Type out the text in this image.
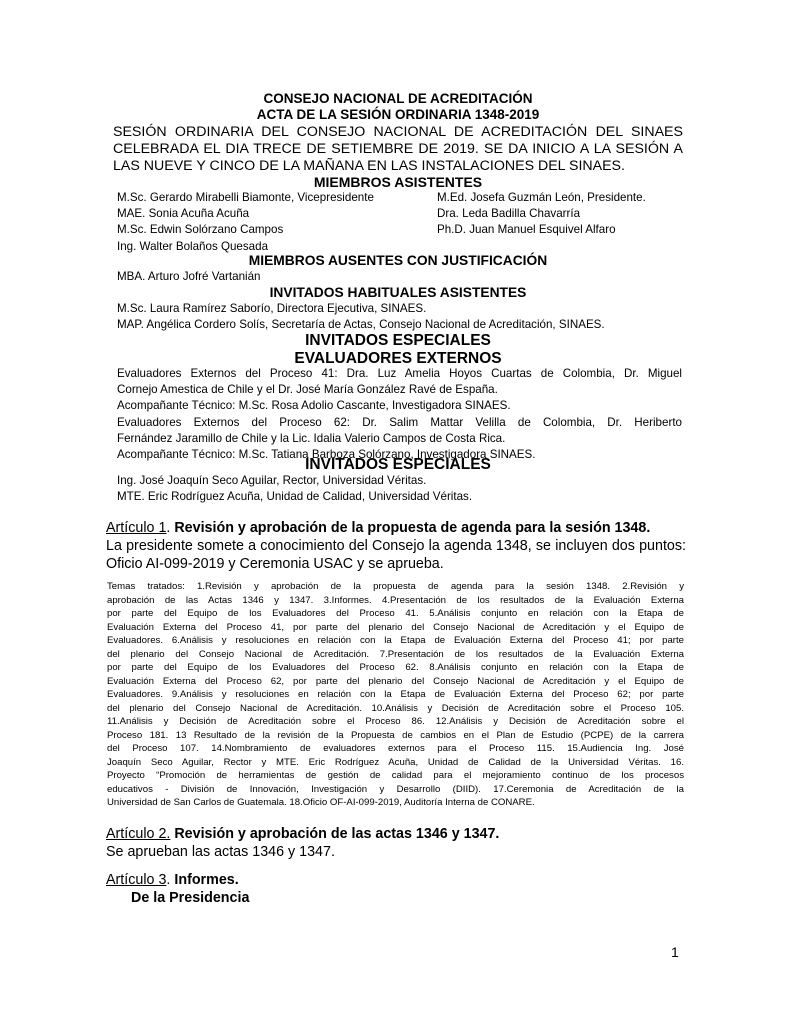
CONSEJO NACIONAL DE ACREDITACIÓN
ACTA DE LA SESIÓN ORDINARIA 1348-2019
SESIÓN ORDINARIA DEL CONSEJO NACIONAL DE ACREDITACIÓN DEL SINAES
CELEBRADA EL DIA TRECE DE SETIEMBRE DE 2019. SE DA INICIO A LA SESIÓN A
LAS NUEVE Y CINCO DE LA MAÑANA EN LAS INSTALACIONES DEL SINAES.
MIEMBROS ASISTENTES
M.Sc. Gerardo Mirabelli Biamonte, Vicepresidente	M.Ed. Josefa Guzmán León, Presidente.
MAE. Sonia Acuña Acuña	Dra. Leda Badilla Chavarría
M.Sc. Edwin Solórzano Campos	Ph.D. Juan Manuel Esquivel Alfaro
Ing. Walter Bolaños Quesada
MIEMBROS AUSENTES CON JUSTIFICACIÓN
MBA. Arturo Jofré Vartanián
INVITADOS HABITUALES ASISTENTES
M.Sc. Laura Ramírez Saborío, Directora Ejecutiva, SINAES.
MAP. Angélica Cordero Solís, Secretaría de Actas, Consejo Nacional de Acreditación, SINAES.
INVITADOS ESPECIALES
EVALUADORES EXTERNOS
Evaluadores Externos del Proceso 41: Dra. Luz Amelia Hoyos Cuartas de Colombia, Dr. Miguel
Cornejo Amestica de Chile y el Dr. José María González Ravé de España.
Acompañante Técnico: M.Sc. Rosa Adolio Cascante, Investigadora SINAES.
Evaluadores Externos del Proceso 62: Dr. Salim Mattar Velilla de Colombia, Dr. Heriberto
Fernández Jaramillo de Chile y la Lic. Idalia Valerio Campos de Costa Rica.
Acompañante Técnico: M.Sc. Tatiana Barboza Solórzano, Investigadora SINAES.
INVITADOS ESPECIALES
Ing. José Joaquín Seco Aguilar, Rector, Universidad Véritas.
MTE. Eric Rodríguez Acuña, Unidad de Calidad, Universidad Véritas.
Artículo 1. Revisión y aprobación de la propuesta de agenda para la sesión 1348.
La presidente somete a conocimiento del Consejo la agenda 1348, se incluyen dos puntos:
Oficio AI-099-2019 y Ceremonia USAC y se aprueba.
Temas tratados: 1.Revisión y aprobación de la propuesta de agenda para la sesión 1348. 2.Revisión y
aprobación de las Actas 1346 y 1347. 3.Informes. 4.Presentación de los resultados de la Evaluación Externa
por parte del Equipo de los Evaluadores del Proceso 41. 5.Análisis conjunto en relación con la Etapa de
Evaluación Externa del Proceso 41, por parte del plenario del Consejo Nacional de Acreditación y el Equipo de
Evaluadores. 6.Análisis y resoluciones en relación con la Etapa de Evaluación Externa del Proceso 41; por parte
del plenario del Consejo Nacional de Acreditación. 7.Presentación de los resultados de la Evaluación Externa
por parte del Equipo de los Evaluadores del Proceso 62. 8.Análisis conjunto en relación con la Etapa de
Evaluación Externa del Proceso 62, por parte del plenario del Consejo Nacional de Acreditación y el Equipo de
Evaluadores. 9.Análisis y resoluciones en relación con la Etapa de Evaluación Externa del Proceso 62; por parte
del plenario del Consejo Nacional de Acreditación. 10.Análisis y Decisión de Acreditación sobre el Proceso 105.
11.Análisis y Decisión de Acreditación sobre el Proceso 86. 12.Análisis y Decisión de Acreditación sobre el
Proceso 181. 13 Resultado de la revisión de la Propuesta de cambios en el Plan de Estudio (PCPE) de la carrera
del Proceso 107. 14.Nombramiento de evaluadores externos para el Proceso 115. 15.Audiencia Ing. José
Joaquín Seco Aguilar, Rector y MTE. Eric Rodríguez Acuña, Unidad de Calidad de la Universidad Véritas. 16.
Proyecto “Promoción de herramientas de gestión de calidad para el mejoramiento continuo de los procesos
educativos - División de Innovación, Investigación y Desarrollo (DIID). 17.Ceremonia de Acreditación de la
Universidad de San Carlos de Guatemala. 18.Oficio OF-AI-099-2019, Auditoría Interna de CONARE.
Artículo 2. Revisión y aprobación de las actas 1346 y 1347.
Se aprueban las actas 1346 y 1347.
Artículo 3. Informes.
De la Presidencia
1
